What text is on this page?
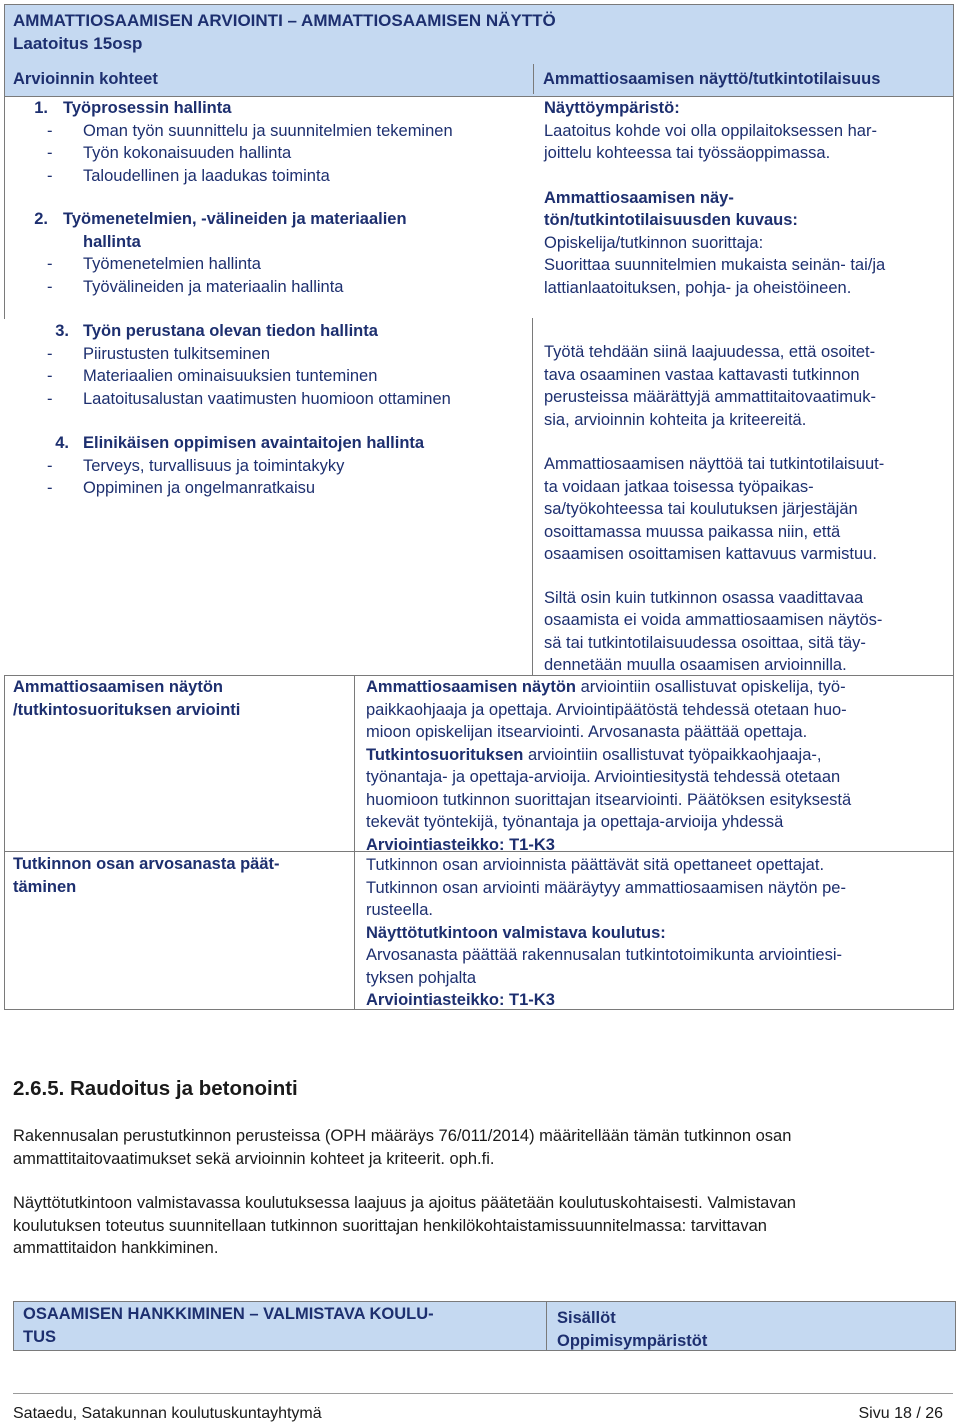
AMMATTIOSAAMISEN ARVIOINTI – AMMATTIOSAAMISEN NÄYTTÖ
Laatoitus 15osp
Arvioinnin kohteet	Ammattiosaamisen näyttö/tutkintotilaisuus
1. Työprosessin hallinta
- Oman työn suunnittelu ja suunnitelmien tekeminen
- Työn kokonaisuuden hallinta
- Taloudellinen ja laadukas toiminta
2. Työmenetelmien, -välineiden ja materiaalien
hallinta
- Työmenetelmien hallinta
- Työvälineiden ja materiaalin hallinta
3. Työn perustana olevan tiedon hallinta
- Piirustusten tulkitseminen
- Materiaalien ominaisuuksien tunteminen
- Laatoitusalustan vaatimusten huomioon ottaminen
4. Elinikäisen oppimisen avaintaitojen hallinta
- Terveys, turvallisuus ja toimintakyky
- Oppiminen ja ongelmanratkaisu
Näyttöympäristö:
Laatoitus kohde voi olla oppilaitoksessen har-
joittelu kohteessa tai työssäoppimassa.
Ammattiosaamisen näy-
tön/tutkintotilaisuusden kuvaus:
Opiskelija/tutkinnon suorittaja:
Suorittaa suunnitelmien mukaista seinän- tai/ja
lattianlaatoituksen, pohja- ja oheistöineen.
Työtä tehdään siinä laajuudessa, että osoitet-
tava osaaminen vastaa kattavasti tutkinnon
perusteissa määrättyjä ammattitaitovaatimuk-
sia, arvioinnin kohteita ja kriteereitä.
Ammattiosaamisen näyttöä tai tutkintotilaisuut-
ta voidaan jatkaa toisessa työpaikas-
sa/työkohteessa tai koulutuksen järjestäjän
osoittamassa muussa paikassa niin, että
osaamisen osoittamisen kattavuus varmistuu.
Siltä osin kuin tutkinnon osassa vaadittavaa
osaamista ei voida ammattiosaamisen näytös-
sä tai tutkintotilaisuudessa osoittaa, sitä täy-
dennetään muulla osaamisen arvioinnilla.
Ammattiosaamisen näytön
/tutkintosuorituksen arviointi
Ammattiosaamisen näytön arviointiin osallistuvat opiskelija, työ-
paikkaohjaaja ja opettaja. Arviointipäätöstä tehdessä otetaan huo-
mioon opiskelijan itsearviointi. Arvosanasta päättää opettaja.
Tutkintosuorituksen arviointiin osallistuvat työpaikkaohjaaja-,
työnantaja- ja opettaja-arvioija. Arviointiesitystä tehdessä otetaan
huomioon tutkinnon suorittajan itsearviointi. Päätöksen esityksestä
tekevät työntekijä, työnantaja ja opettaja-arvioija yhdessä
Arviointiasteikko: T1-K3
Tutkinnon osan arvosanasta päät-
täminen
Tutkinnon osan arvioinnista päättävät sitä opettaneet opettajat.
Tutkinnon osan arviointi määräytyy ammattiosaamisen näytön pe-
rusteella.
Näyttötutkintoon valmistava koulutus:
Arvosanasta päättää rakennusalan tutkintotoimikunta arviointiesi-
tyksen pohjalta
Arviointiasteikko: T1-K3
2.6.5. Raudoitus ja betonointi
Rakennusalan perustutkinnon perusteissa (OPH määräys 76/011/2014) määritellään tämän tutkinnon osan
ammattitaitovaatimukset sekä arvioinnin kohteet ja kriteerit. oph.fi.
Näyttötutkintoon valmistavassa koulutuksessa laajuus ja ajoitus päätetään koulutuskohtaisesti. Valmistavan
koulutuksen toteutus suunnitellaan tutkinnon suorittajan henkilökohtaistamissuunnitelmassa: tarvittavan
ammattitaidon hankkiminen.
OSAAMISEN HANKKIMINEN – VALMISTAVA KOULU-
TUS
Sisällöt
Oppimisympäristöt
Sataedu, Satakunnan koulutuskuntayhtymä	Sivu 18 / 26
